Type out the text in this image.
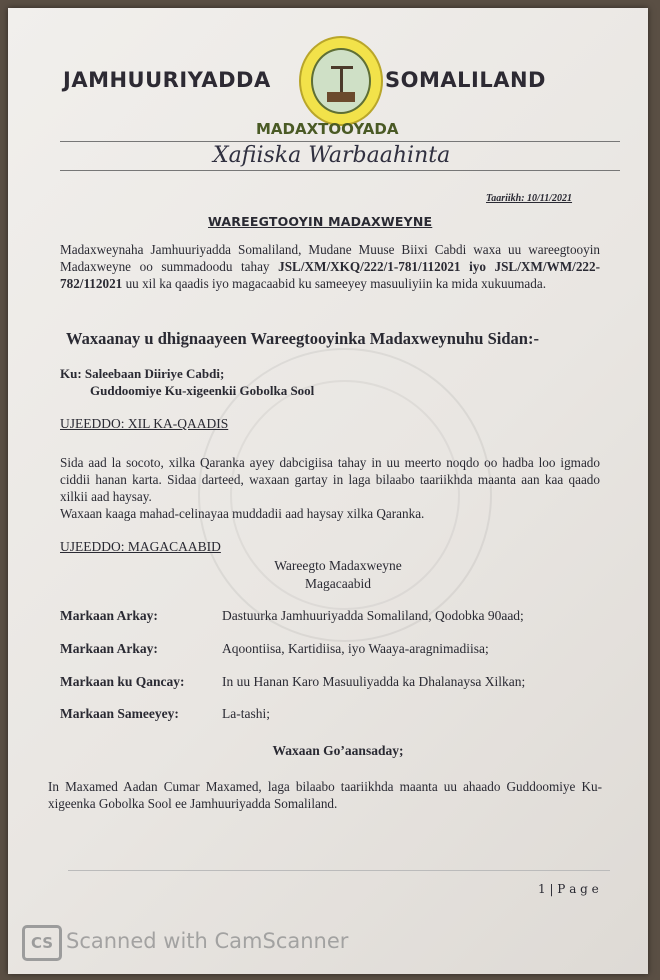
JAMHUURIYADDA	SOMALILAND
MADAXTOOYADA
Xafiiska Warbaahinta
Taariikh: 10/11/2021
WAREEGTOOYIN MADAXWEYNE
Madaxweynaha Jamhuuriyadda Somaliland, Mudane Muuse Biixi Cabdi waxa uu wareegtooyin Madaxweyne oo summadoodu tahay JSL/XM/XKQ/222/1-781/112021 iyo JSL/XM/WM/222-782/112021 uu xil ka qaadis iyo magacaabid ku sameeyey masuuliyiin ka mida xukuumada.
Waxaanay u dhignaayeen Wareegtooyinka Madaxweynuhu Sidan:-
Ku: Saleebaan Diiriye Cabdi;
Guddoomiye Ku-xigeenkii Gobolka Sool
UJEEDDO: XIL KA-QAADIS
Sida aad la socoto, xilka Qaranka ayey dabcigiisa tahay in uu meerto noqdo oo hadba loo igmado ciddii hanan karta. Sidaa darteed, waxaan gartay in laga bilaabo taariikhda maanta aan kaa qaado xilkii aad haysay.
Waxaan kaaga mahad-celinayaa muddadii aad haysay xilka Qaranka.
UJEEDDO: MAGACAABID
Wareegto Madaxweyne
Magacaabid
Markaan Arkay:	Dastuurka Jamhuuriyadda Somaliland, Qodobka 90aad;
Markaan Arkay:	Aqoontiisa, Kartidiisa, iyo Waaya-aragnimadiisa;
Markaan ku Qancay:	In uu Hanan Karo Masuuliyadda ka Dhalanaysa Xilkan;
Markaan Sameeyey:	La-tashi;
Waxaan Go’aansaday;
In Maxamed Aadan Cumar Maxamed, laga bilaabo taariikhda maanta uu ahaado Guddoomiye Ku-xigeenka Gobolka Sool ee Jamhuuriyadda Somaliland.
1 | P a g e
CS Scanned with CamScanner
